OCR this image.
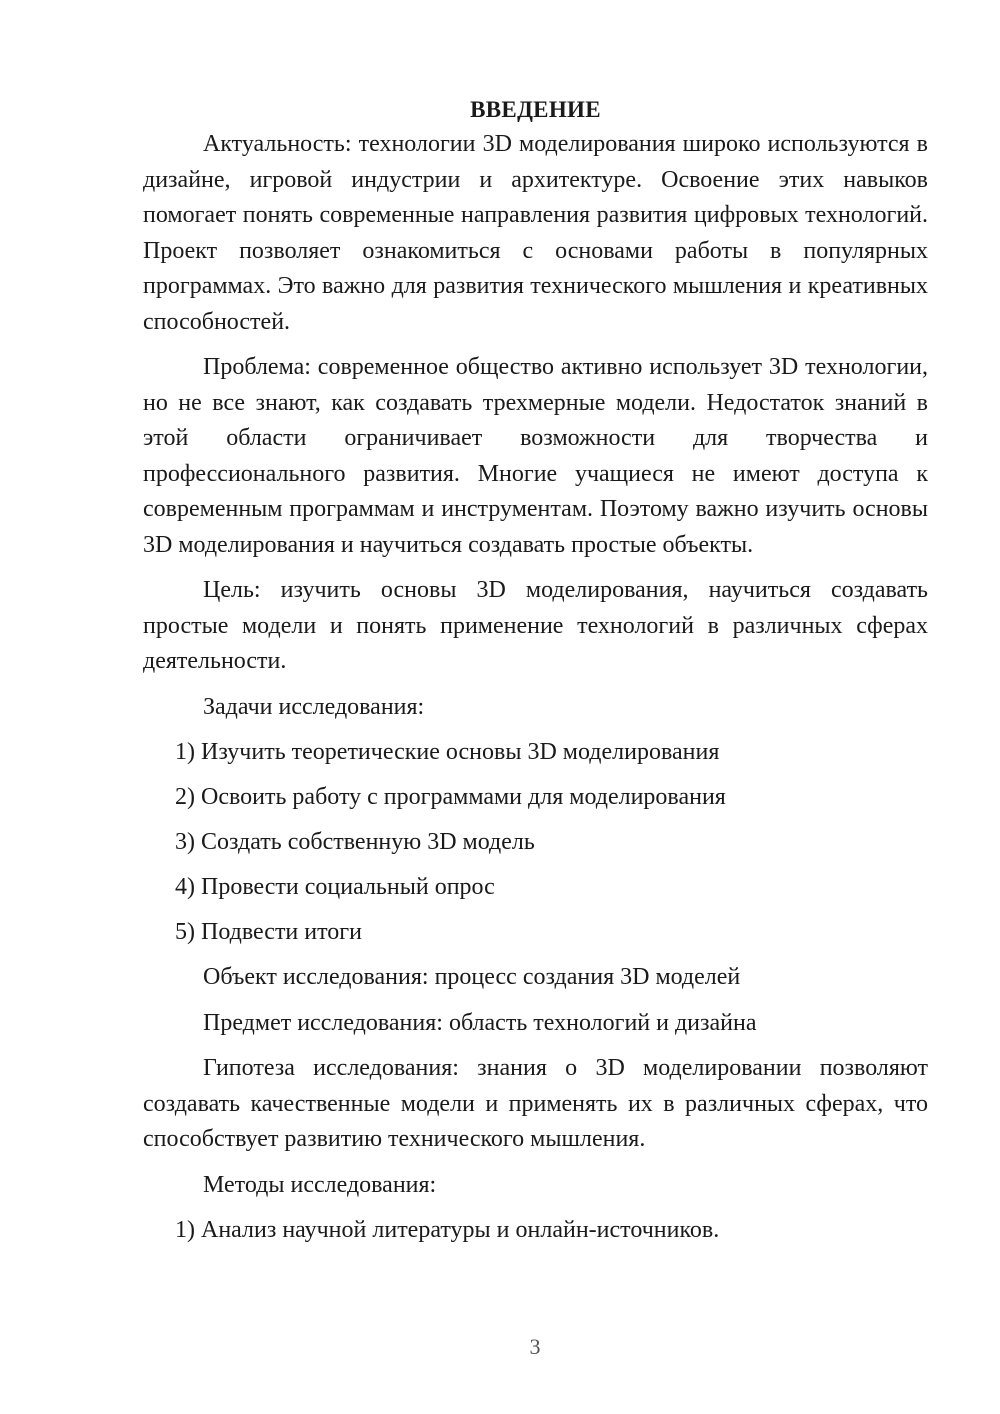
ВВЕДЕНИЕ

Актуальность: технологии 3D моделирования широко используются в дизайне, игровой индустрии и архитектуре. Освоение этих навыков помогает понять современные направления развития цифровых технологий. Проект позволяет ознакомиться с основами работы в популярных программах. Это важно для развития технического мышления и креативных способностей.

Проблема: современное общество активно использует 3D технологии, но не все знают, как создавать трехмерные модели. Недостаток знаний в этой области ограничивает возможности для творчества и профессионального развития. Многие учащиеся не имеют доступа к современным программам и инструментам. Поэтому важно изучить основы 3D моделирования и научиться создавать простые объекты.

Цель: изучить основы 3D моделирования, научиться создавать простые модели и понять применение технологий в различных сферах деятельности.

Задачи исследования:

1) Изучить теоретические основы 3D моделирования

2) Освоить работу с программами для моделирования

3) Создать собственную 3D модель

4) Провести социальный опрос

5) Подвести итоги

Объект исследования: процесс создания 3D моделей

Предмет исследования: область технологий и дизайна

Гипотеза исследования: знания о 3D моделировании позволяют создавать качественные модели и применять их в различных сферах, что способствует развитию технического мышления.

Методы исследования:

1) Анализ научной литературы и онлайн-источников.

3
